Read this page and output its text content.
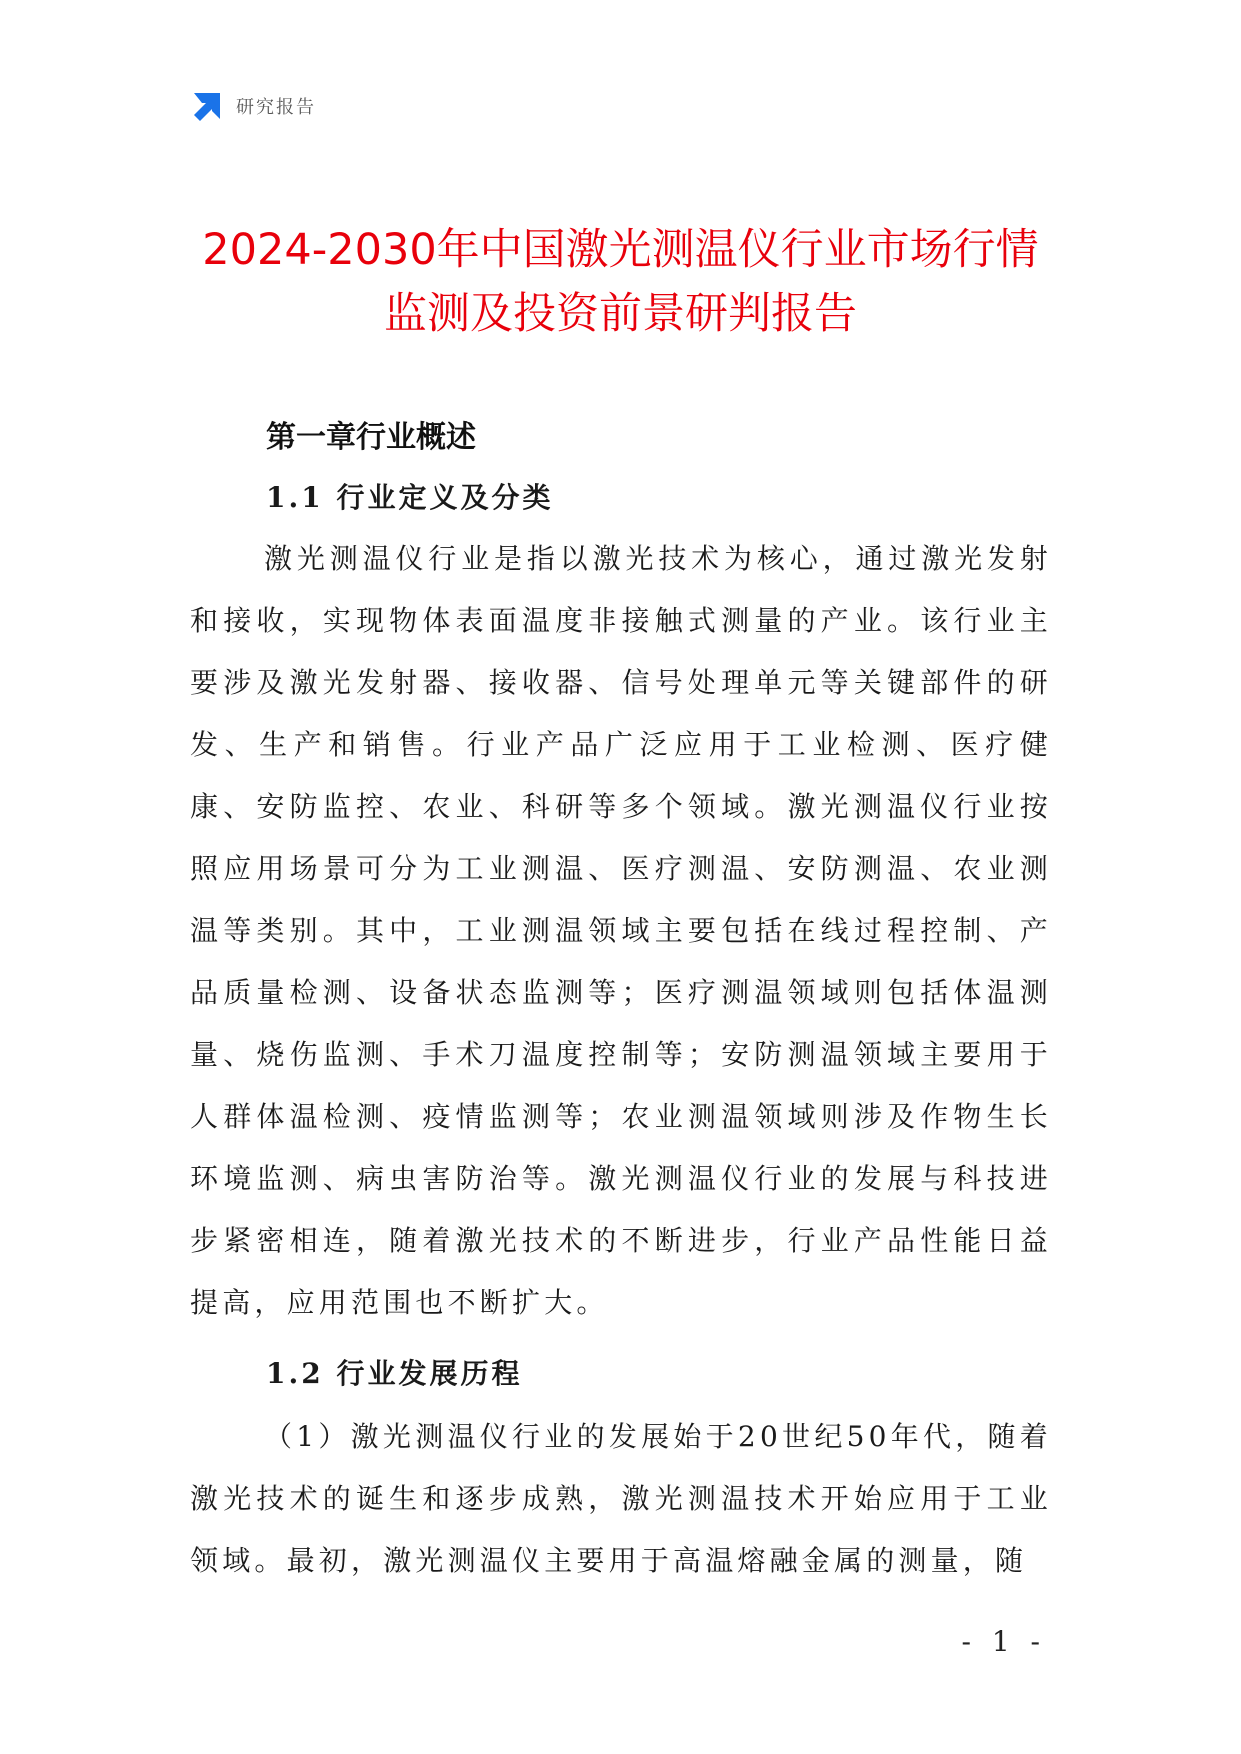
研究报告
2024-2030年中国激光测温仪行业市场行情
监测及投资前景研判报告
第一章行业概述
1.1 行业定义及分类

激光测温仪行业是指以激光技术为核心，通过激光发射和接收，实现物体表面温度非接触式测量的产业。该行业主要涉及激光发射器、接收器、信号处理单元等关键部件的研发、生产和销售。行业产品广泛应用于工业检测、医疗健康、安防监控、农业、科研等多个领域。激光测温仪行业按照应用场景可分为工业测温、医疗测温、安防测温、农业测温等类别。其中，工业测温领域主要包括在线过程控制、产品质量检测、设备状态监测等；医疗测温领域则包括体温测量、烧伤监测、手术刀温度控制等；安防测温领域主要用于人群体温检测、疫情监测等；农业测温领域则涉及作物生长环境监测、病虫害防治等。激光测温仪行业的发展与科技进步紧密相连，随着激光技术的不断进步，行业产品性能日益提高，应用范围也不断扩大。

1.2 行业发展历程

（1）激光测温仪行业的发展始于20世纪50年代，随着激光技术的诞生和逐步成熟，激光测温技术开始应用于工业领域。最初，激光测温仪主要用于高温熔融金属的测量，随

- 1 -
